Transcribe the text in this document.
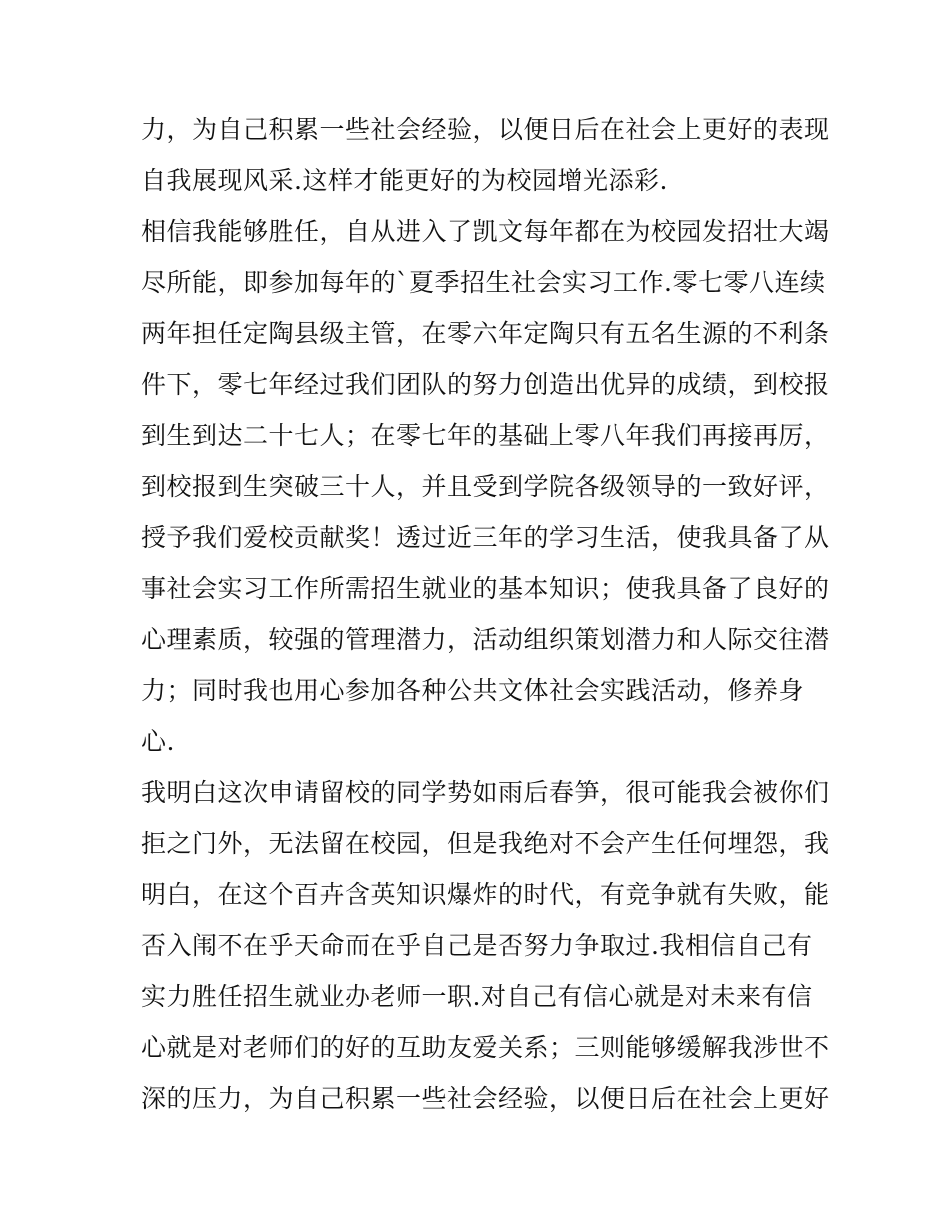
力，为自己积累一些社会经验，以便日后在社会上更好的表现
自我展现风采.这样才能更好的为校园增光添彩.
相信我能够胜任，自从进入了凯文每年都在为校园发招壮大竭
尽所能，即参加每年的`夏季招生社会实习工作.零七零八连续
两年担任定陶县级主管，在零六年定陶只有五名生源的不利条
件下，零七年经过我们团队的努力创造出优异的成绩，到校报
到生到达二十七人；在零七年的基础上零八年我们再接再厉，
到校报到生突破三十人，并且受到学院各级领导的一致好评，
授予我们爱校贡献奖！透过近三年的学习生活，使我具备了从
事社会实习工作所需招生就业的基本知识；使我具备了良好的
心理素质，较强的管理潜力，活动组织策划潜力和人际交往潜
力；同时我也用心参加各种公共文体社会实践活动，修养身
心.
我明白这次申请留校的同学势如雨后春笋，很可能我会被你们
拒之门外，无法留在校园，但是我绝对不会产生任何埋怨，我
明白，在这个百卉含英知识爆炸的时代，有竞争就有失败，能
否入闱不在乎天命而在乎自己是否努力争取过.我相信自己有
实力胜任招生就业办老师一职.对自己有信心就是对未来有信
心就是对老师们的好的互助友爱关系；三则能够缓解我涉世不
深的压力，为自己积累一些社会经验，以便日后在社会上更好
